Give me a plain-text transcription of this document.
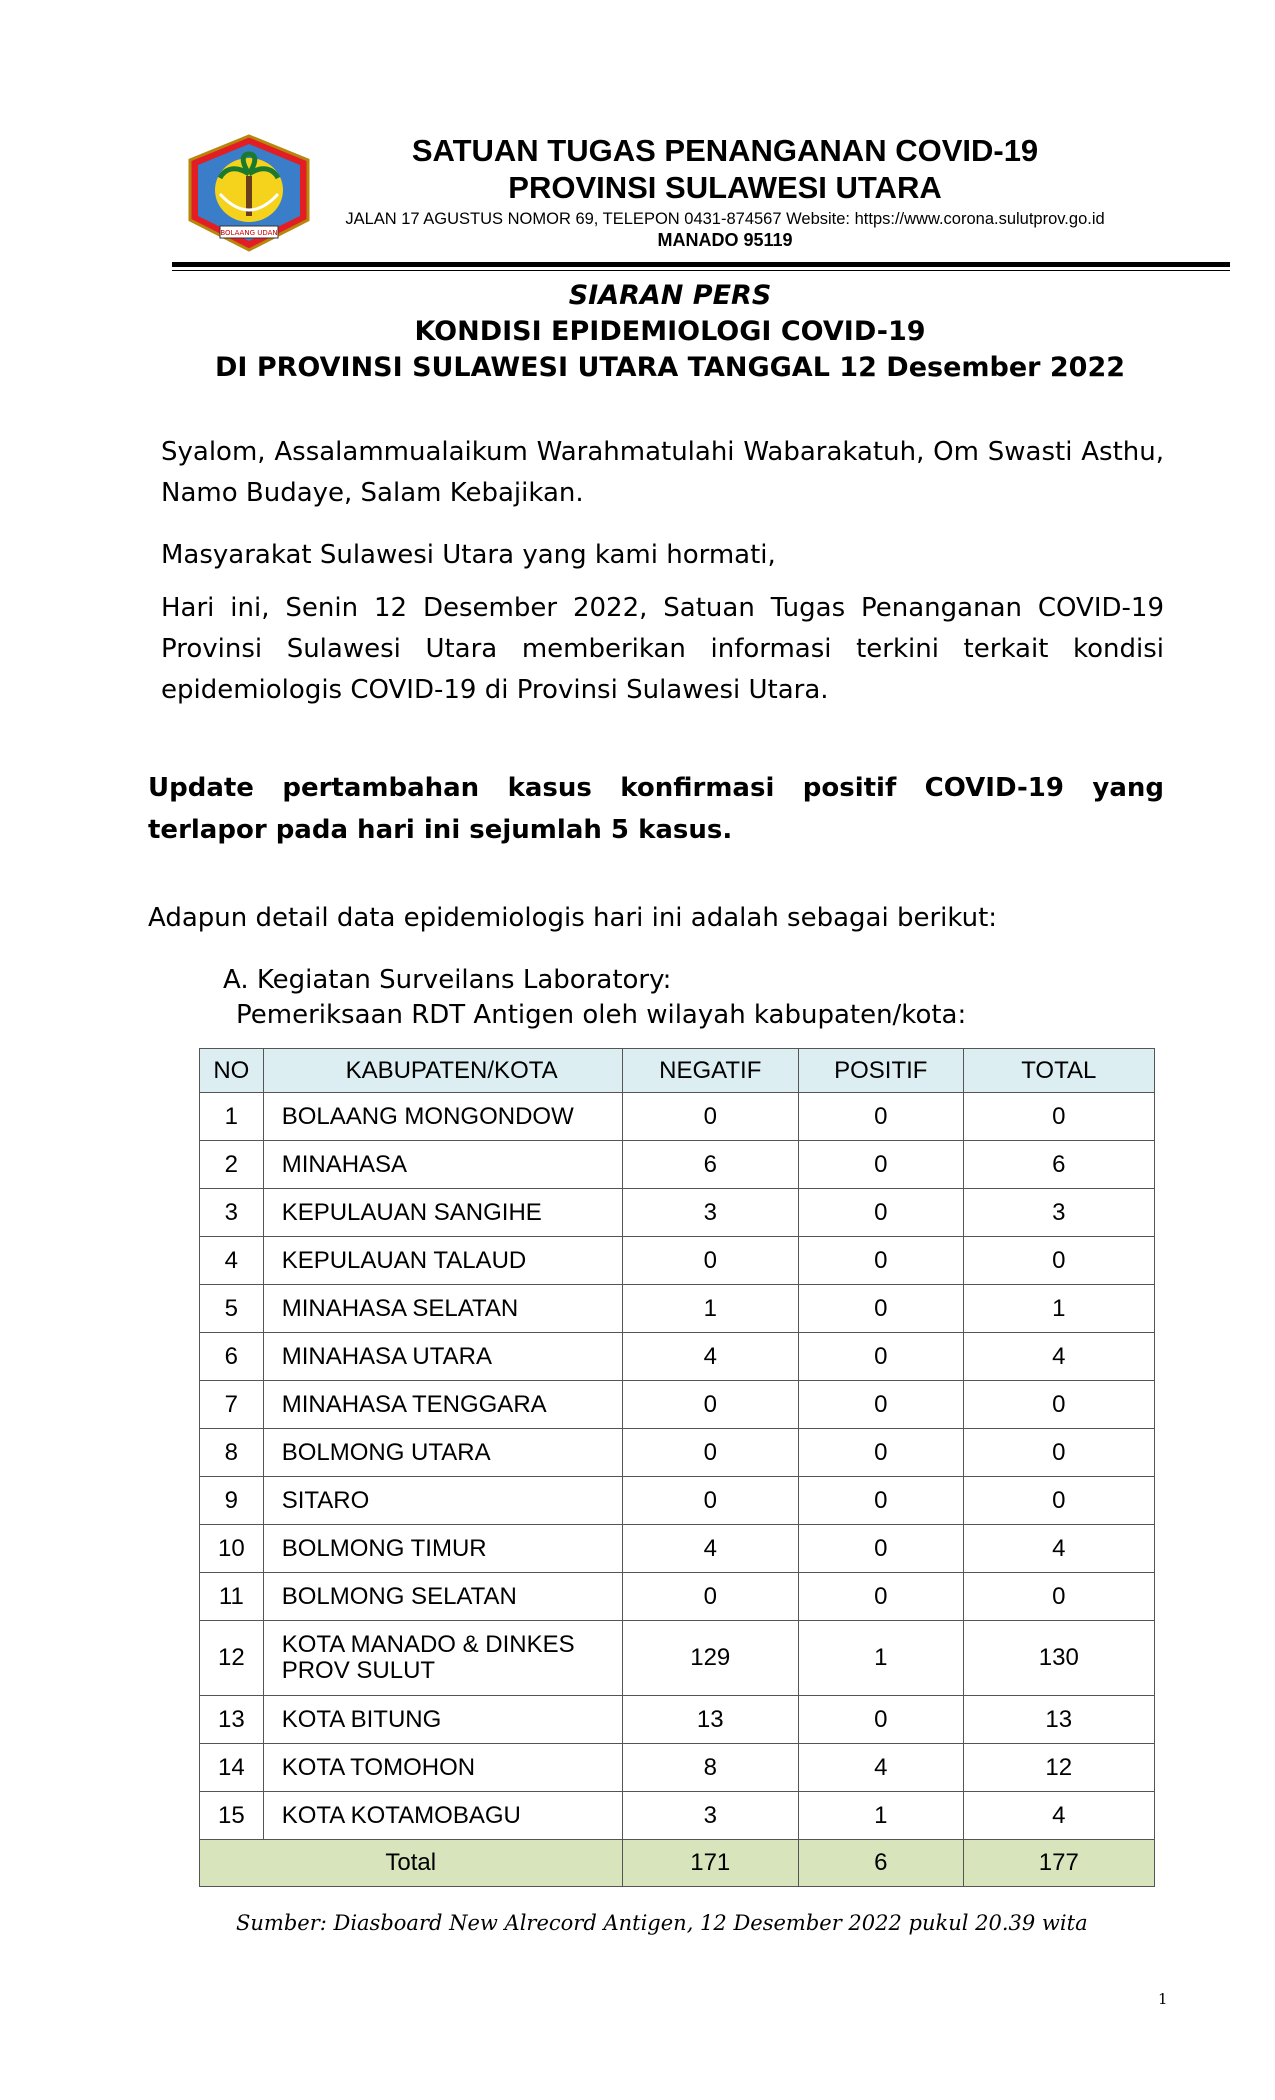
BOLAANG UDAN
SATUAN TUGAS PENANGANAN COVID-19
PROVINSI SULAWESI UTARA
JALAN 17 AGUSTUS NOMOR 69, TELEPON 0431-874567 Website: https://www.corona.sulutprov.go.id
MANADO 95119
SIARAN PERS
KONDISI EPIDEMIOLOGI COVID-19
DI PROVINSI SULAWESI UTARA TANGGAL 12 Desember 2022
Syalom, Assalammualaikum Warahmatulahi Wabarakatuh, Om Swasti Asthu,
Namo Budaye, Salam Kebajikan.
Masyarakat Sulawesi Utara yang kami hormati,
Hari ini, Senin 12 Desember 2022, Satuan Tugas Penanganan COVID-19
Provinsi Sulawesi Utara memberikan informasi terkini terkait kondisi
epidemiologis COVID-19 di Provinsi Sulawesi Utara.
Update pertambahan kasus konfirmasi positif COVID-19 yang
terlapor pada hari ini sejumlah 5 kasus.
Adapun detail data epidemiologis hari ini adalah sebagai berikut:
A. Kegiatan Surveilans Laboratory:
Pemeriksaan RDT Antigen oleh wilayah kabupaten/kota:
NO	KABUPATEN/KOTA	NEGATIF	POSITIF	TOTAL
1	BOLAANG MONGONDOW	0	0	0
2	MINAHASA	6	0	6
3	KEPULAUAN SANGIHE	3	0	3
4	KEPULAUAN TALAUD	0	0	0
5	MINAHASA SELATAN	1	0	1
6	MINAHASA UTARA	4	0	4
7	MINAHASA TENGGARA	0	0	0
8	BOLMONG UTARA	0	0	0
9	SITARO	0	0	0
10	BOLMONG TIMUR	4	0	4
11	BOLMONG SELATAN	0	0	0
12	KOTA MANADO & DINKES PROV SULUT	129	1	130
13	KOTA BITUNG	13	0	13
14	KOTA TOMOHON	8	4	12
15	KOTA KOTAMOBAGU	3	1	4
Total		171	6	177
Sumber: Diasboard New Alrecord Antigen, 12 Desember 2022 pukul 20.39 wita
1
